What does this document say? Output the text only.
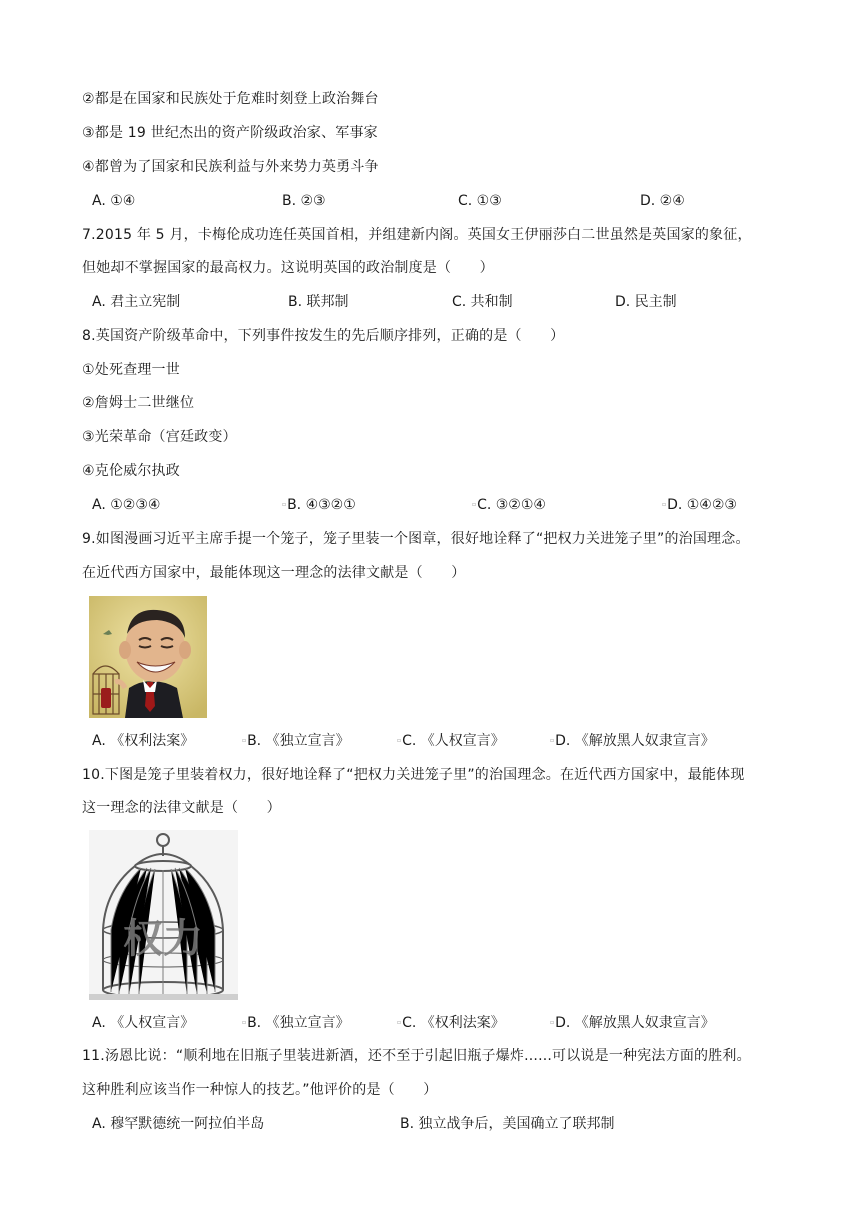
②都是在国家和民族处于危难时刻登上政治舞台
③都是 19 世纪杰出的资产阶级政治家、军事家
④都曾为了国家和民族利益与外来势力英勇斗争
A. ①④	B. ②③	C. ①③	D. ②④
7.2015 年 5 月，卡梅伦成功连任英国首相，并组建新内阁。英国女王伊丽莎白二世虽然是英国家的象征，
但她却不掌握国家的最高权力。这说明英国的政治制度是（　　）
A. 君主立宪制	B. 联邦制	C. 共和制	D. 民主制
8.英国资产阶级革命中，下列事件按发生的先后顺序排列，正确的是（　　）
①处死查理一世
②詹姆士二世继位
③光荣革命（宫廷政变）
④克伦威尔执政
A. ①②③④	▫B. ④③②①	▫C. ③②①④	▫D. ①④②③
9.如图漫画习近平主席手提一个笼子，笼子里装一个图章，很好地诠释了“把权力关进笼子里”的治国理念。
在近代西方国家中，最能体现这一理念的法律文献是（　　）
A. 《权利法案》	▫B. 《独立宣言》	▫C. 《人权宣言》	▫D. 《解放黑人奴隶宣言》
10.下图是笼子里装着权力，很好地诠释了“把权力关进笼子里”的治国理念。在近代西方国家中，最能体现
这一理念的法律文献是（　　）
权力
A. 《人权宣言》	▫B. 《独立宣言》	▫C. 《权利法案》	▫D. 《解放黑人奴隶宣言》
11.汤恩比说：“顺利地在旧瓶子里装进新酒，还不至于引起旧瓶子爆炸......可以说是一种宪法方面的胜利。
这种胜利应该当作一种惊人的技艺。”他评价的是（　　）
A. 穆罕默德统一阿拉伯半岛	B. 独立战争后，美国确立了联邦制
